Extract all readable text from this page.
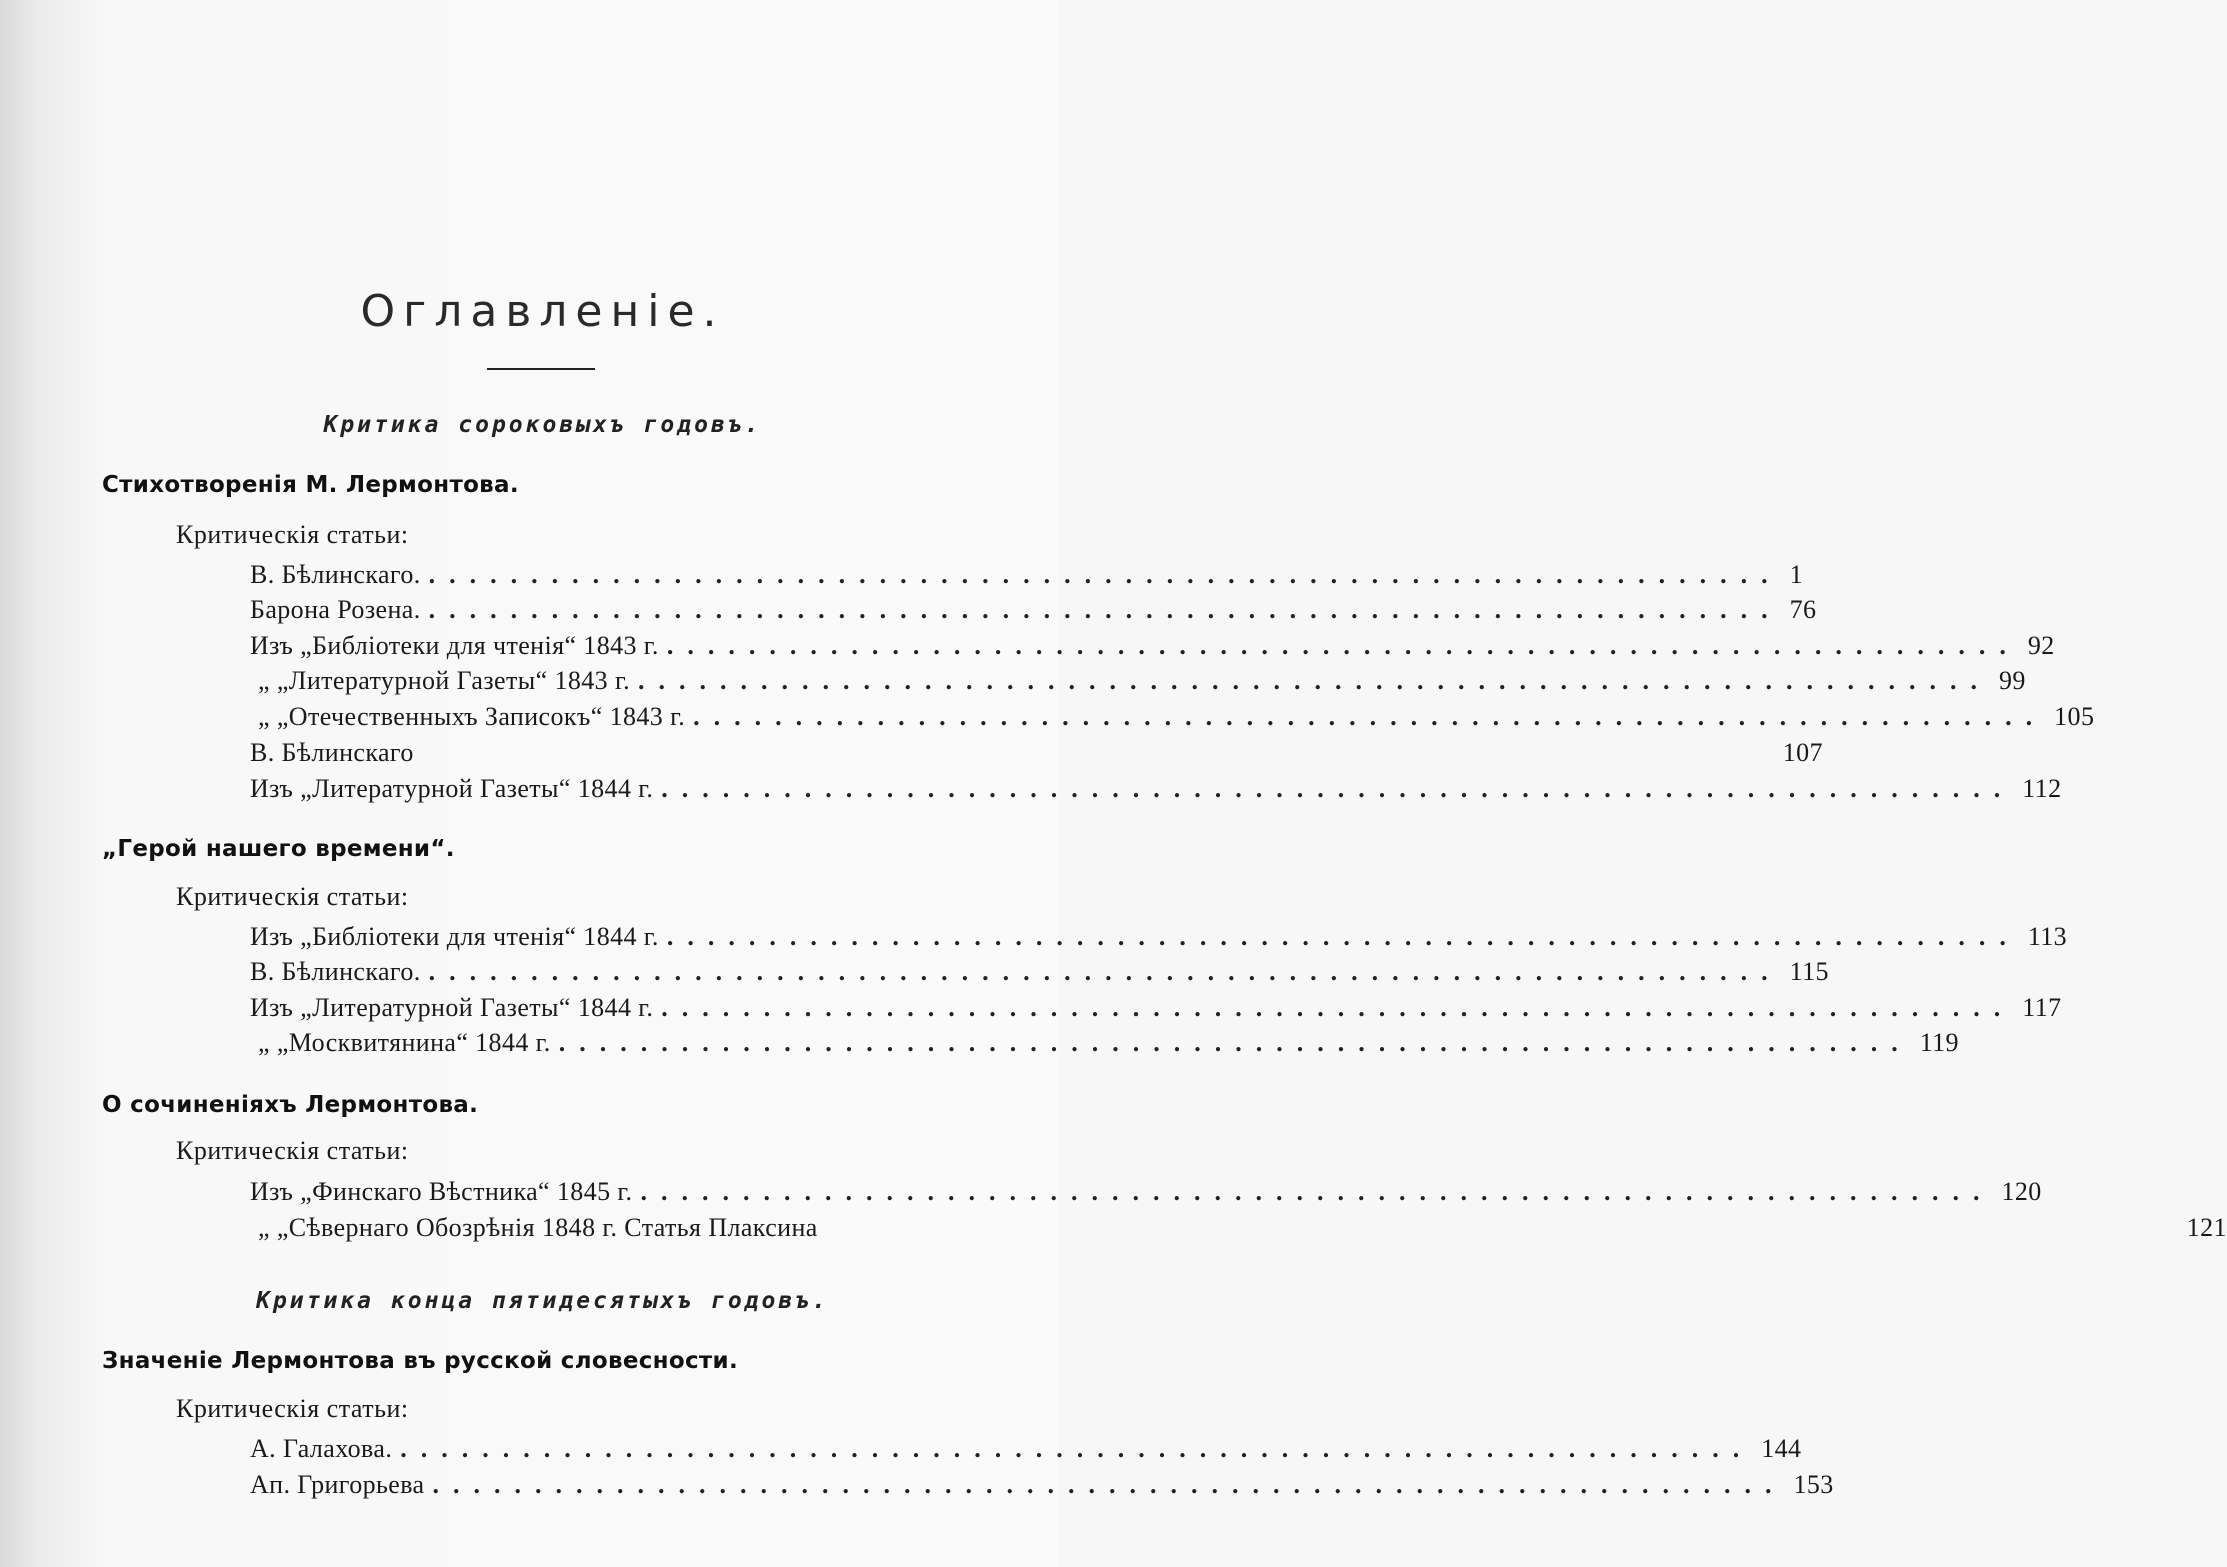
Оглавленіе.
Критика сороковыхъ годовъ.
Стихотворенія М. Лермонтова.
Критическія статьи:
В. Бѣлинскаго. .................................................................. 1
Барона Розена. .................................................................. 76
Изъ „Библіотеки для чтенія“ 1843 г. .................................................................. 92
„ „Литературной Газеты“ 1843 г. .................................................................. 99
„ „Отечественныхъ Записокъ“ 1843 г. .................................................................. 105
В. Бѣлинскаго	107
Изъ „Литературной Газеты“ 1844 г. .................................................................. 112
„Герой нашего времени“.
Критическія статьи:
Изъ „Библіотеки для чтенія“ 1844 г. .................................................................. 113
В. Бѣлинскаго. .................................................................. 115
Изъ „Литературной Газеты“ 1844 г. .................................................................. 117
„ „Москвитянина“ 1844 г. .................................................................. 119
О сочиненіяхъ Лермонтова.
Критическія статьи:
Изъ „Финскаго Вѣстника“ 1845 г. .................................................................. 120
„ „Сѣвернаго Обозрѣнія 1848 г. Статья Плаксина	121
Критика конца пятидесятыхъ годовъ.
Значеніе Лермонтова въ русской словесности.
Критическія статьи:
А. Галахова. .................................................................. 144
Ап. Григорьева .................................................................. 153
